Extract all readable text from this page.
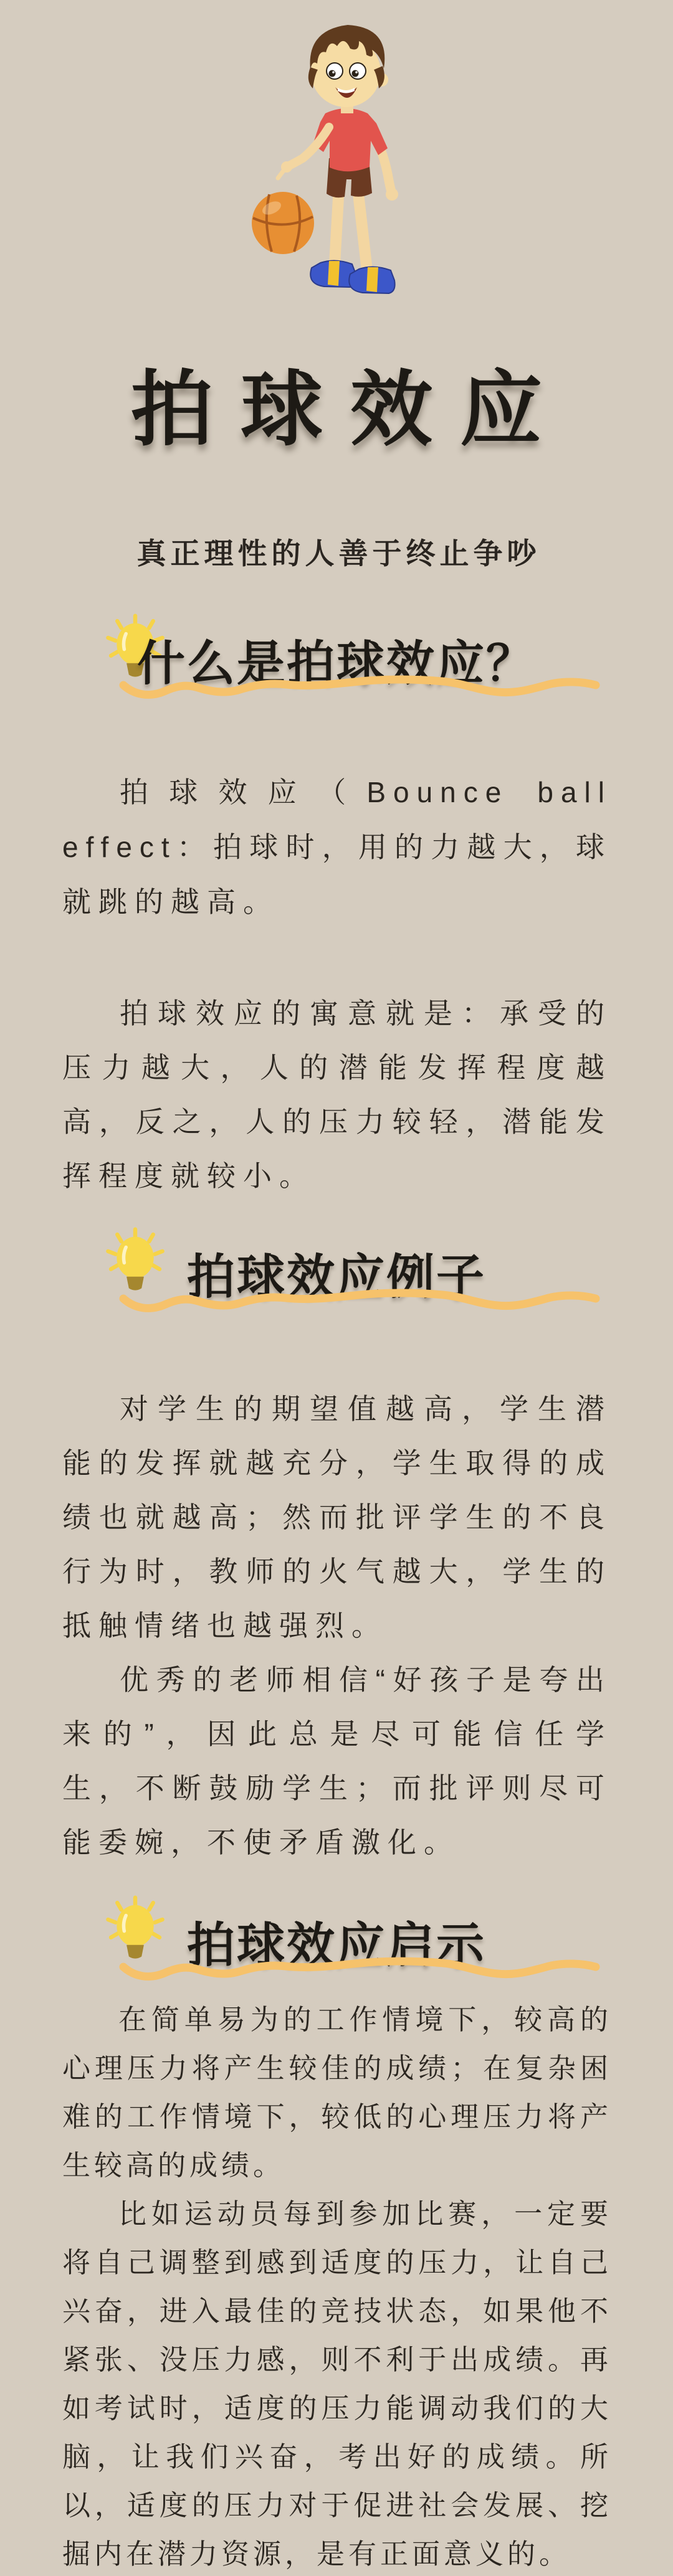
拍球效应
真正理性的人善于终止争吵
什么是拍球效应？

拍球效应（Bounce ball effect：拍球时，用的力越大，球就跳的越高。

拍球效应的寓意就是：承受的压力越大，人的潜能发挥程度越高，反之，人的压力较轻，潜能发挥程度就较小。

拍球效应例子

对学生的期望值越高，学生潜能的发挥就越充分，学生取得的成绩也就越高；然而批评学生的不良行为时，教师的火气越大，学生的抵触情绪也越强烈。

优秀的老师相信“好孩子是夸出来的”，因此总是尽可能信任学生，不断鼓励学生；而批评则尽可能委婉，不使矛盾激化。

拍球效应启示

在简单易为的工作情境下，较高的心理压力将产生较佳的成绩；在复杂困难的工作情境下，较低的心理压力将产生较高的成绩。

比如运动员每到参加比赛，一定要将自己调整到感到适度的压力，让自己兴奋，进入最佳的竞技状态，如果他不紧张、没压力感，则不利于出成绩。再如考试时，适度的压力能调动我们的大脑，让我们兴奋，考出好的成绩。所以，适度的压力对于促进社会发展、挖掘内在潜力资源，是有正面意义的。
